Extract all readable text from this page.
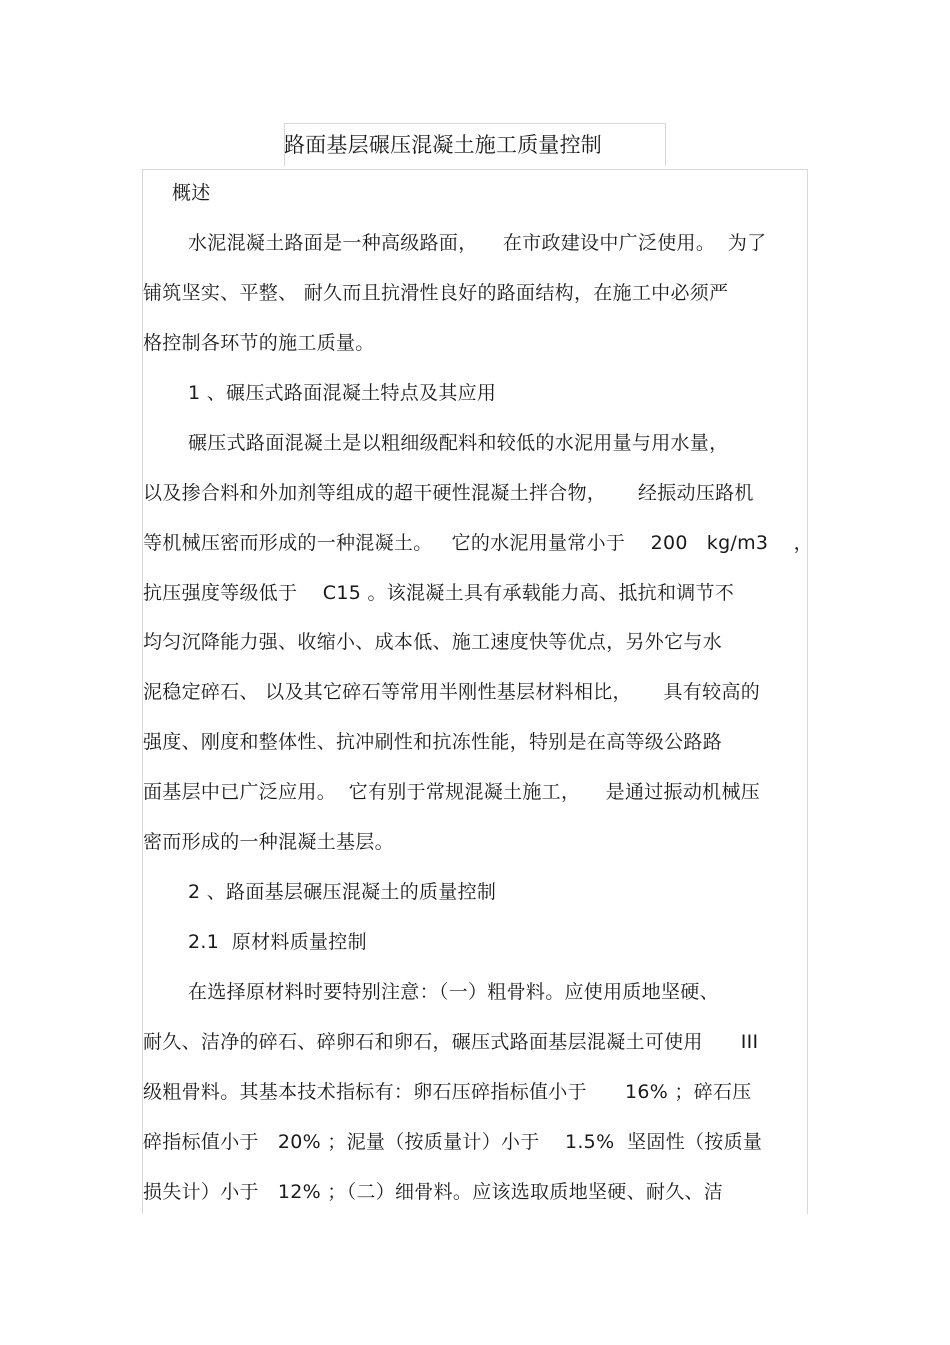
路面基层碾压混凝土施工质量控制
概述
水泥混凝土路面是一种高级路面，    在市政建设中广泛使用。  为了
铺筑坚实、平整、 耐久而且抗滑性良好的路面结构，在施工中必须严
格控制各环节的施工质量。
1 、碾压式路面混凝土特点及其应用
碾压式路面混凝土是以粗细级配料和较低的水泥用量与用水量，
以及掺合料和外加剂等组成的超干硬性混凝土拌合物，     经振动压路机
等机械压密而形成的一种混凝土。   它的水泥用量常小于    200   kg/m3    ，
抗压强度等级低于    C15 。该混凝土具有承载能力高、抵抗和调节不
均匀沉降能力强、收缩小、成本低、施工速度快等优点，另外它与水
泥稳定碎石、 以及其它碎石等常用半刚性基层材料相比，     具有较高的
强度、刚度和整体性、抗冲刷性和抗冻性能，特别是在高等级公路路
面基层中已广泛应用。  它有别于常规混凝土施工，    是通过振动机械压
密而形成的一种混凝土基层。
2 、路面基层碾压混凝土的质量控制
2.1  原材料质量控制
在选择原材料时要特别注意：（一）粗骨料。应使用质地坚硬、
耐久、洁净的碎石、碎卵石和卵石，碾压式路面基层混凝土可使用      III
级粗骨料。其基本技术指标有：卵石压碎指标值小于      16% ；碎石压
碎指标值小于   20% ；泥量（按质量计）小于    1.5%  坚固性（按质量
损失计）小于   12% ；（二）细骨料。应该选取质地坚硬、耐久、洁
